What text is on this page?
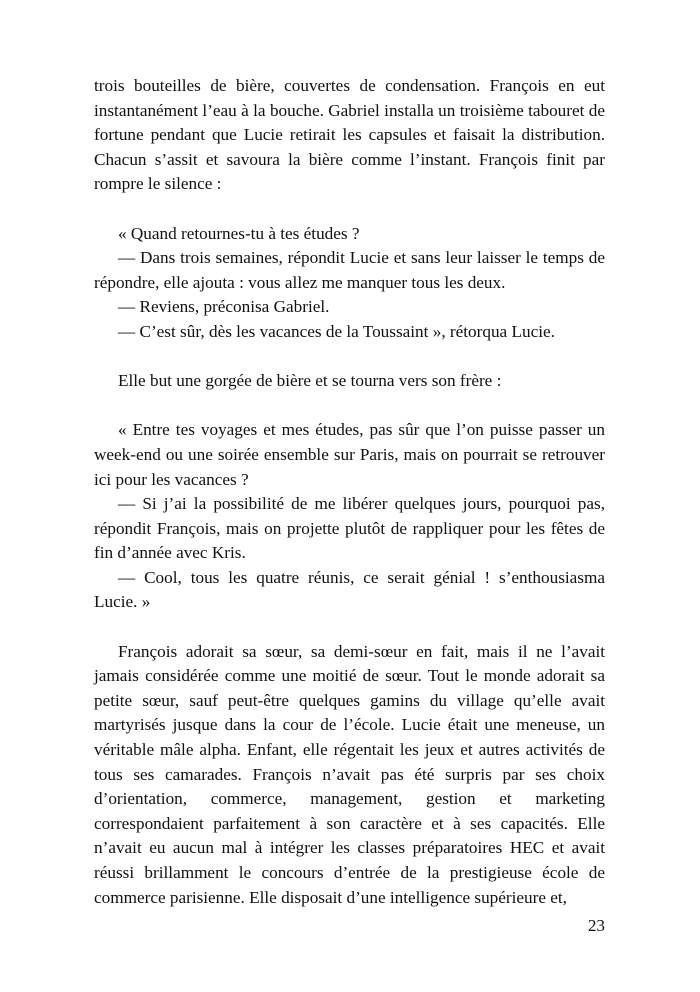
trois bouteilles de bière, couvertes de condensation. François en eut instantanément l’eau à la bouche. Gabriel installa un troisième tabouret de fortune pendant que Lucie retirait les capsules et faisait la distribution. Chacun s’assit et savoura la bière comme l’instant. François finit par rompre le silence :

« Quand retournes-tu à tes études ?

— Dans trois semaines, répondit Lucie et sans leur laisser le temps de répondre, elle ajouta : vous allez me manquer tous les deux.

— Reviens, préconisa Gabriel.

— C’est sûr, dès les vacances de la Toussaint », rétorqua Lucie.

Elle but une gorgée de bière et se tourna vers son frère :

« Entre tes voyages et mes études, pas sûr que l’on puisse passer un week-end ou une soirée ensemble sur Paris, mais on pourrait se retrouver ici pour les vacances ?

— Si j’ai la possibilité de me libérer quelques jours, pourquoi pas, répondit François, mais on projette plutôt de rappliquer pour les fêtes de fin d’année avec Kris.

— Cool, tous les quatre réunis, ce serait génial ! s’enthousiasma Lucie. »

François adorait sa sœur, sa demi-sœur en fait, mais il ne l’avait jamais considérée comme une moitié de sœur. Tout le monde adorait sa petite sœur, sauf peut-être quelques gamins du village qu’elle avait martyrisés jusque dans la cour de l’école. Lucie était une meneuse, un véritable mâle alpha. Enfant, elle régentait les jeux et autres activités de tous ses camarades. François n’avait pas été surpris par ses choix d’orientation, commerce, management, gestion et marketing correspondaient parfaitement à son caractère et à ses capacités. Elle n’avait eu aucun mal à intégrer les classes préparatoires HEC et avait réussi brillamment le concours d’entrée de la prestigieuse école de commerce parisienne. Elle disposait d’une intelligence supérieure et,

23
